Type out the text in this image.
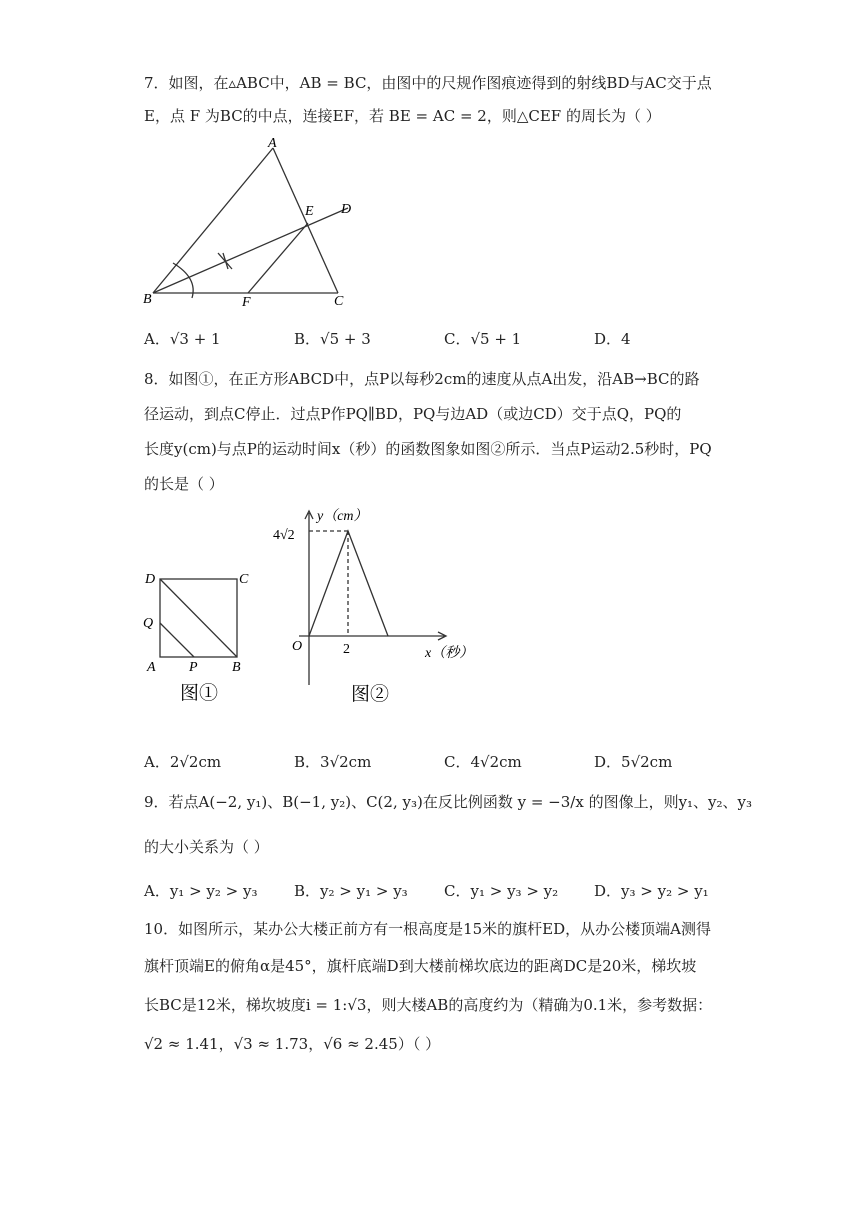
7．如图，在▵ABC中，AB = BC，由图中的尺规作图痕迹得到的射线BD与AC交于点
E，点 F 为BC的中点，连接EF，若 BE = AC = 2，则△CEF 的周长为（ ）
A
B	C
D
E
F
A．√3 + 1	B．√5 + 3	C．√5 + 1	D．4
8．如图①，在正方形ABCD中，点P以每秒2cm的速度从点A出发，沿AB→BC的路
径运动，到点C停止．过点P作PQ∥BD，PQ与边AD（或边CD）交于点Q，PQ的
长度y(cm)与点P的运动时间x（秒）的函数图象如图②所示．当点P运动2.5秒时，PQ
的长是（ ）
D	C
Q
A P B
图①
y（cm）
4√2
O	2	x（秒）
图②
A．2√2cm	B．3√2cm	C．4√2cm	D．5√2cm
9．若点A(−2, y₁)、B(−1, y₂)、C(2, y₃)在反比例函数 y = −3/x 的图像上，则y₁、y₂、y₃
的大小关系为（ ）
A．y₁ > y₂ > y₃ B．y₂ > y₁ > y₃ C．y₁ > y₃ > y₂ D．y₃ > y₂ > y₁
10．如图所示，某办公大楼正前方有一根高度是15米的旗杆ED，从办公楼顶端A测得
旗杆顶端E的俯角α是45°，旗杆底端D到大楼前梯坎底边的距离DC是20米，梯坎坡
长BC是12米，梯坎坡度i = 1:√3，则大楼AB的高度约为（精确为0.1米，参考数据：
√2 ≈ 1.41，√3 ≈ 1.73，√6 ≈ 2.45）（ ）
